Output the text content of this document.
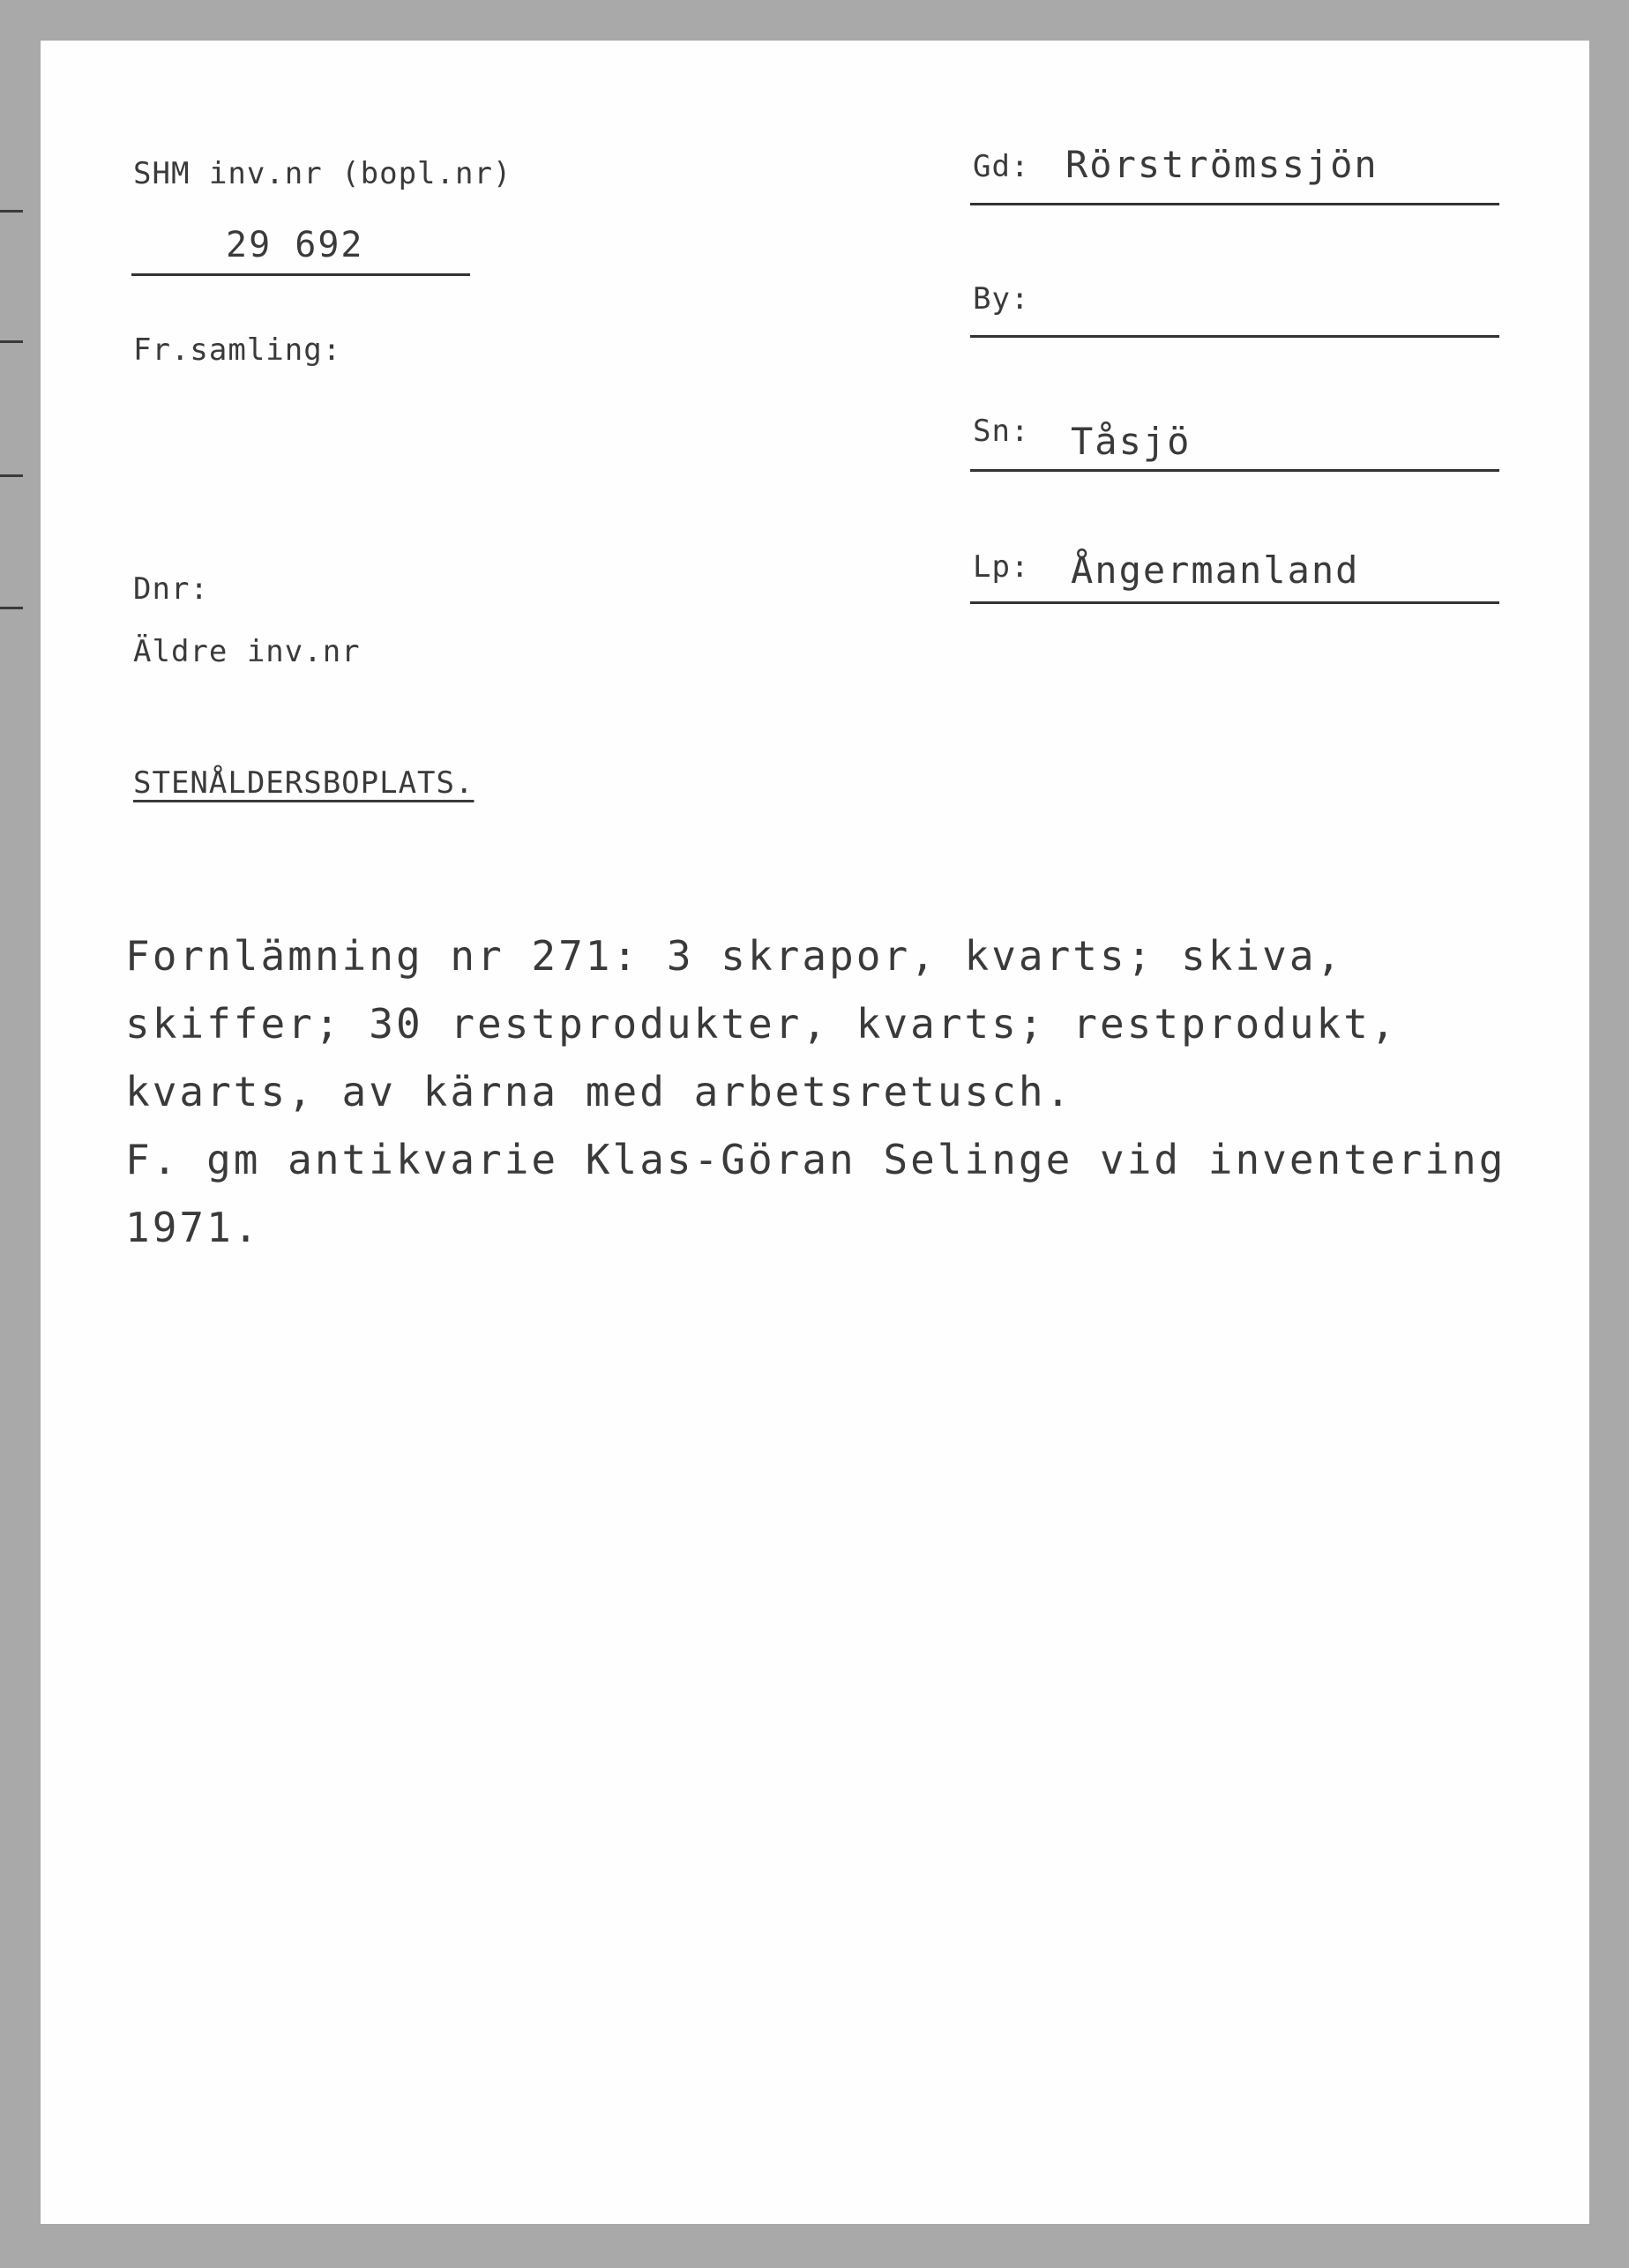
SHM inv.nr (bopl.nr)
29 692
Fr.samling:
Dnr:
Äldre inv.nr
Gd: Rörströmssjön
By:
Sn: Tåsjö
Lp: Ångermanland
STENÅLDERSBOPLATS.
Fornlämning nr 271: 3 skrapor, kvarts; skiva,
skiffer; 30 restprodukter, kvarts; restprodukt,
kvarts, av kärna med arbetsretusch.
F. gm antikvarie Klas-Göran Selinge vid inventering
1971.
